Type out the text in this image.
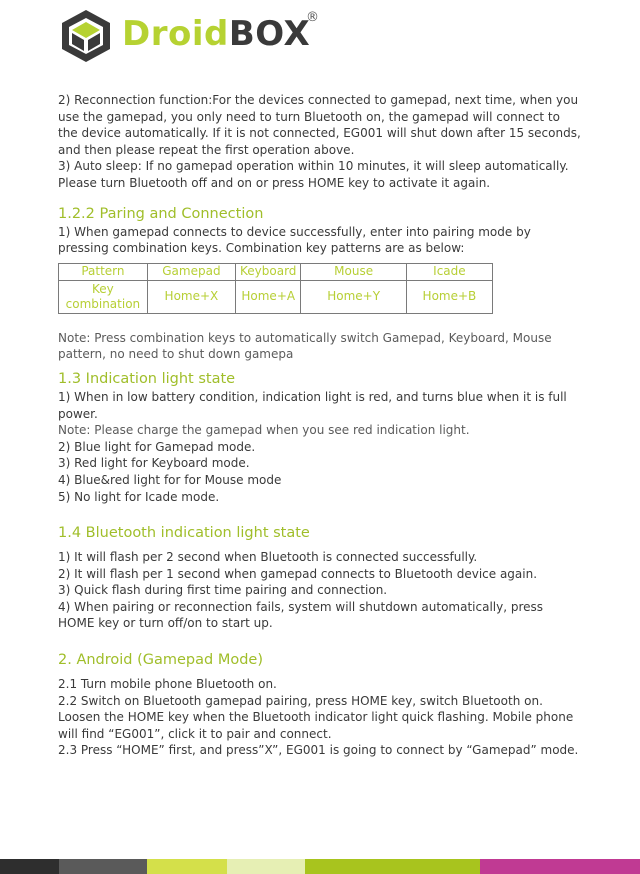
DroidBOX
®

2) Reconnection function:For the devices connected to gamepad, next time, when you use the gamepad, you only need to turn Bluetooth on, the gamepad will connect to the device automatically. If it is not connected, EG001 will shut down after 15 seconds, and then please repeat the first operation above.

3) Auto sleep: If no gamepad operation within 10 minutes, it will sleep automatically. Please turn Bluetooth off and on or press HOME key to activate it again.

1.2.2 Paring and Connection

1) When gamepad connects to device successfully, enter into pairing mode by pressing combination keys. Combination key patterns are as below:

Pattern	Gamepad	Keyboard	Mouse	Icade
Key combination	Home+X	Home+A	Home+Y	Home+B

Note: Press combination keys to automatically switch Gamepad, Keyboard, Mouse pattern, no need to shut down gamepa

1.3 Indication light state

1) When in low battery condition, indication light is red, and turns blue when it is full power.

Note: Please charge the gamepad when you see red indication light.

2) Blue light for Gamepad mode.

3) Red light for Keyboard mode.

4) Blue&red light for for Mouse mode

5) No light for Icade mode.

1.4 Bluetooth indication light state

1) It will flash per 2 second when Bluetooth is connected successfully.

2) It will flash per 1 second when gamepad connects to Bluetooth device again.

3) Quick flash during first time pairing and connection.

4) When pairing or reconnection fails, system will shutdown automatically, press HOME key or turn off/on to start up.

2. Android (Gamepad Mode)

2.1 Turn mobile phone Bluetooth on.

2.2 Switch on Bluetooth gamepad pairing, press HOME key, switch Bluetooth on. Loosen the HOME key when the Bluetooth indicator light quick flashing. Mobile phone will find “EG001”, click it to pair and connect.

2.3 Press “HOME” first, and press”X”, EG001 is going to connect by “Gamepad” mode.
